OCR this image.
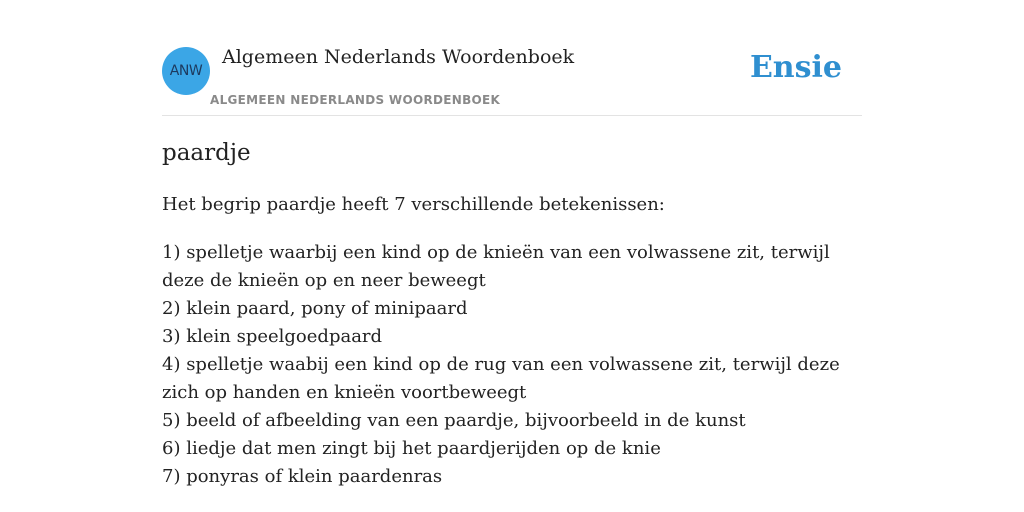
ANW
Algemeen Nederlands Woordenboek
ALGEMEEN NEDERLANDS WOORDENBOEK
Ensie
paardje
Het begrip paardje heeft 7 verschillende betekenissen:
1) spelletje waarbij een kind op de knieën van een volwassene zit, terwijl deze de knieën op en neer beweegt
2) klein paard, pony of minipaard
3) klein speelgoedpaard
4) spelletje waabij een kind op de rug van een volwassene zit, terwijl deze zich op handen en knieën voortbeweegt
5) beeld of afbeelding van een paardje, bijvoorbeeld in de kunst
6) liedje dat men zingt bij het paardjerijden op de knie
7) ponyras of klein paardenras
